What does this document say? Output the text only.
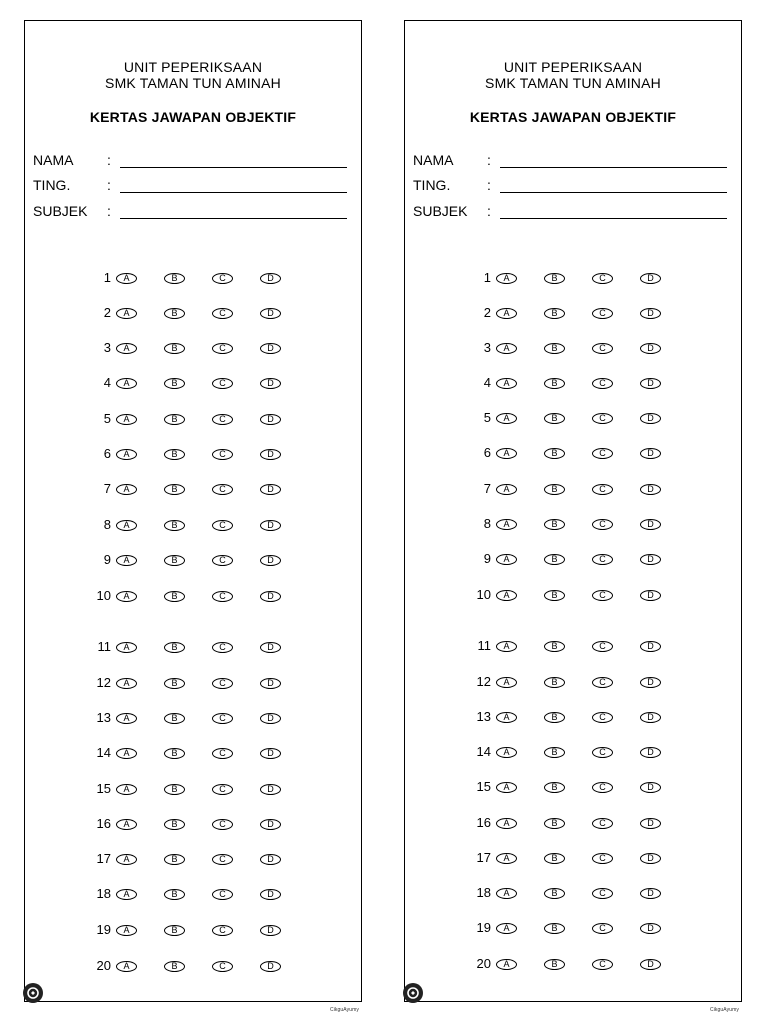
UNIT PEPERIKSAAN
SMK TAMAN TUN AMINAH
KERTAS JAWAPAN OBJEKTIF
NAMA :
TING.	:
SUBJEK :
1	A	B	C	D
2	A	B	C	D
3	A	B	C	D
4	A	B	C	D
5	A	B	C	D
6	A	B	C	D
7	A	B	C	D
8	A	B	C	D
9	A	B	C	D
10	A	B	C	D
11	A	B	C	D
12	A	B	C	D
13	A	B	C	D
14	A	B	C	D
15	A	B	C	D
16	A	B	C	D
17	A	B	C	D
18	A	B	C	D
19	A	B	C	D
20	A	B	C	D
UNIT PEPERIKSAAN
SMK TAMAN TUN AMINAH
KERTAS JAWAPAN OBJEKTIF
NAMA :
TING.	:
SUBJEK :
1	A	B	C	D
2	A	B	C	D
3	A	B	C	D
4	A	B	C	D
5	A	B	C	D
6	A	B	C	D
7	A	B	C	D
8	A	B	C	D
9	A	B	C	D
10	A	B	C	D
11	A	B	C	D
12	A	B	C	D
13	A	B	C	D
14	A	B	C	D
15	A	B	C	D
16	A	B	C	D
17	A	B	C	D
18	A	B	C	D
19	A	B	C	D
20	A	B	C	D
CikguAyumy	CikguAyumy
